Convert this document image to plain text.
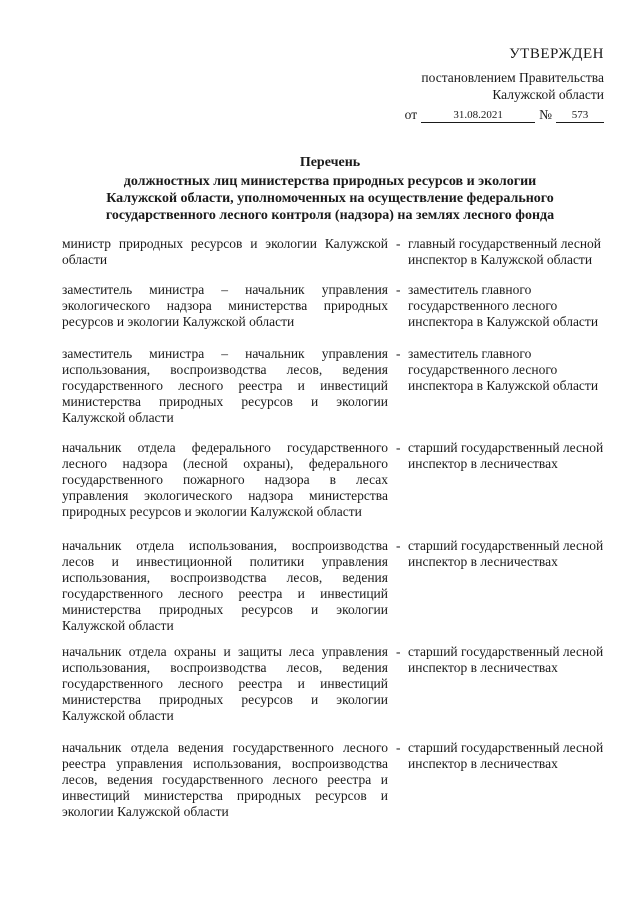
УТВЕРЖДЕН
постановлением Правительства
Калужской области
от	31.08.2021	№	573
Перечень
должностных лиц министерства природных ресурсов и экологии
Калужской области, уполномоченных на осуществление федерального
государственного лесного контроля (надзора) на землях лесного фонда
министр природных ресурсов и экологии Калужской области
- главный государственный лесной инспектор в Калужской области
заместитель министра – начальник управления экологического надзора министерства природных ресурсов и экологии Калужской области
- заместитель главного государственного лесного инспектора в Калужской области
заместитель министра – начальник управления использования, воспроизводства лесов, ведения государственного лесного реестра и инвестиций министерства природных ресурсов и экологии Калужской области
- заместитель главного государственного лесного инспектора в Калужской области
начальник отдела федерального государственного лесного надзора (лесной охраны), федерального государственного пожарного надзора в лесах управления экологического надзора министерства природных ресурсов и экологии Калужской области
- старший государственный лесной инспектор в лесничествах
начальник отдела использования, воспроизводства лесов и инвестиционной политики управления использования, воспроизводства лесов, ведения государственного лесного реестра и инвестиций министерства природных ресурсов и экологии Калужской области
- старший государственный лесной инспектор в лесничествах
начальник отдела охраны и защиты леса управления использования, воспроизводства лесов, ведения государственного лесного реестра и инвестиций министерства природных ресурсов и экологии Калужской области
- старший государственный лесной инспектор в лесничествах
начальник отдела ведения государственного лесного реестра управления использования, воспроизводства лесов, ведения государственного лесного реестра и инвестиций министерства природных ресурсов и экологии Калужской области
- старший государственный лесной инспектор в лесничествах
